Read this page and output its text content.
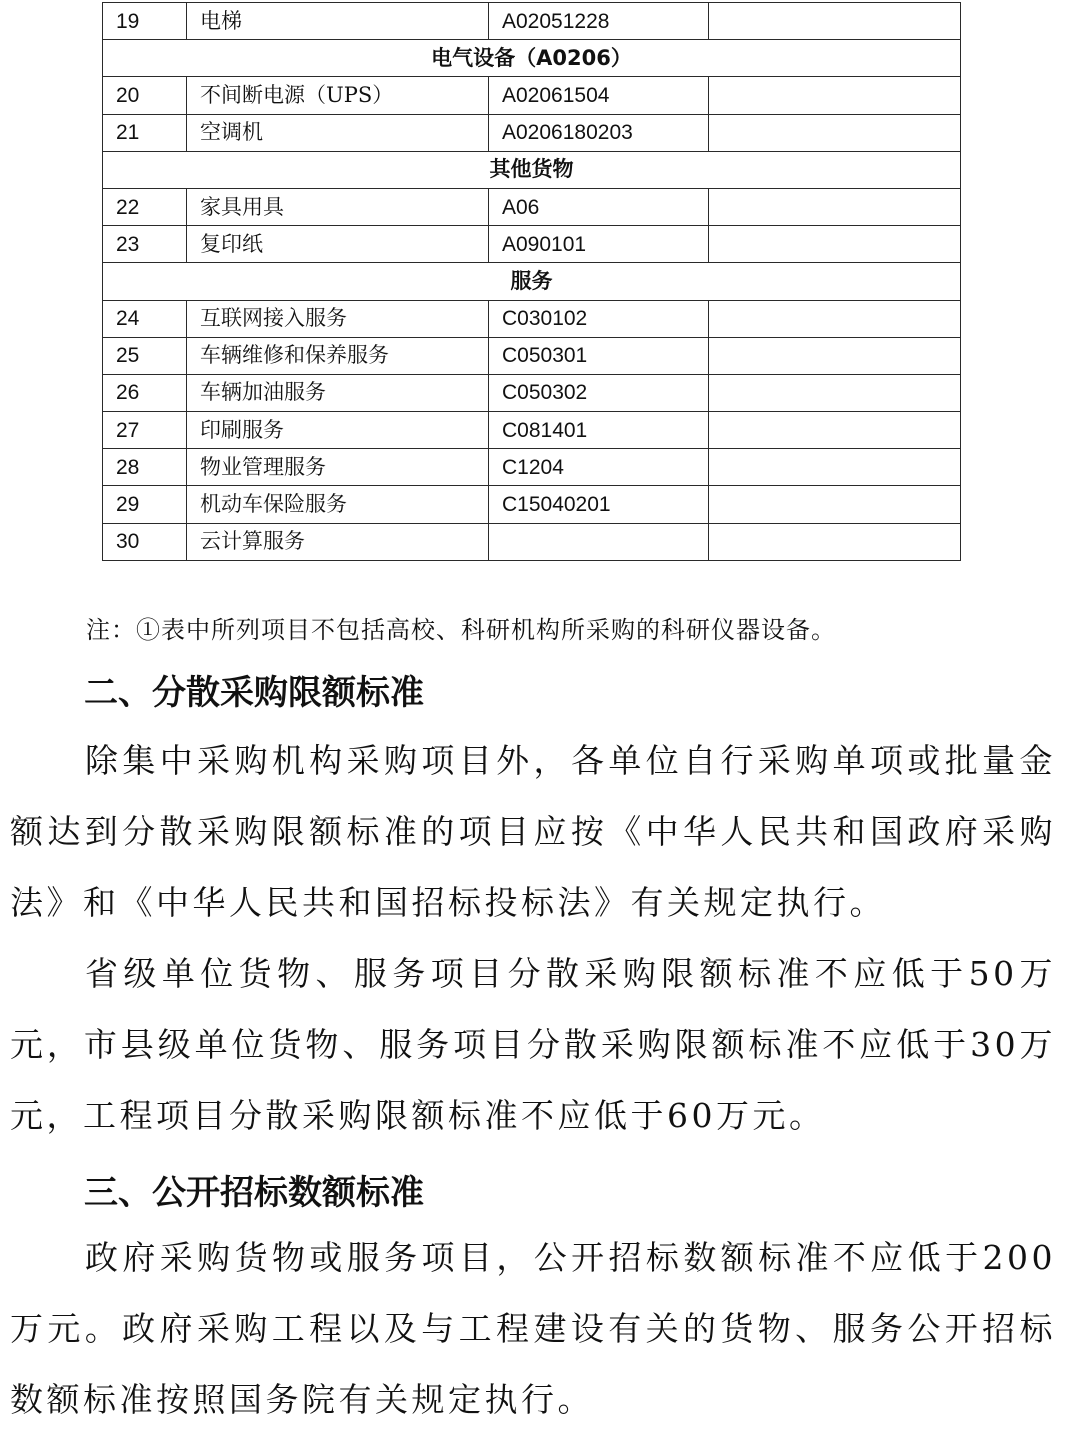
19	电梯	A02051228	
电气设备（A0206）			
20	不间断电源（UPS）	A02061504	
21	空调机	A0206180203	
其他货物			
22	家具用具	A06	
23	复印纸	A090101	
服务			
24	互联网接入服务	C030102	
25	车辆维修和保养服务	C050301	
26	车辆加油服务	C050302	
27	印刷服务	C081401	
28	物业管理服务	C1204	
29	机动车保险服务	C15040201	
30	云计算服务		
注：①表中所列项目不包括高校、科研机构所采购的科研仪器设备。
二、分散采购限额标准

除集中采购机构采购项目外，各单位自行采购单项或批量金额达到分散采购限额标准的项目应按《中华人民共和国政府采购法》和《中华人民共和国招标投标法》有关规定执行。

省级单位货物、服务项目分散采购限额标准不应低于50万元，市县级单位货物、服务项目分散采购限额标准不应低于30万元，工程项目分散采购限额标准不应低于60万元。

三、公开招标数额标准

政府采购货物或服务项目，公开招标数额标准不应低于200万元。政府采购工程以及与工程建设有关的货物、服务公开招标数额标准按照国务院有关规定执行。
